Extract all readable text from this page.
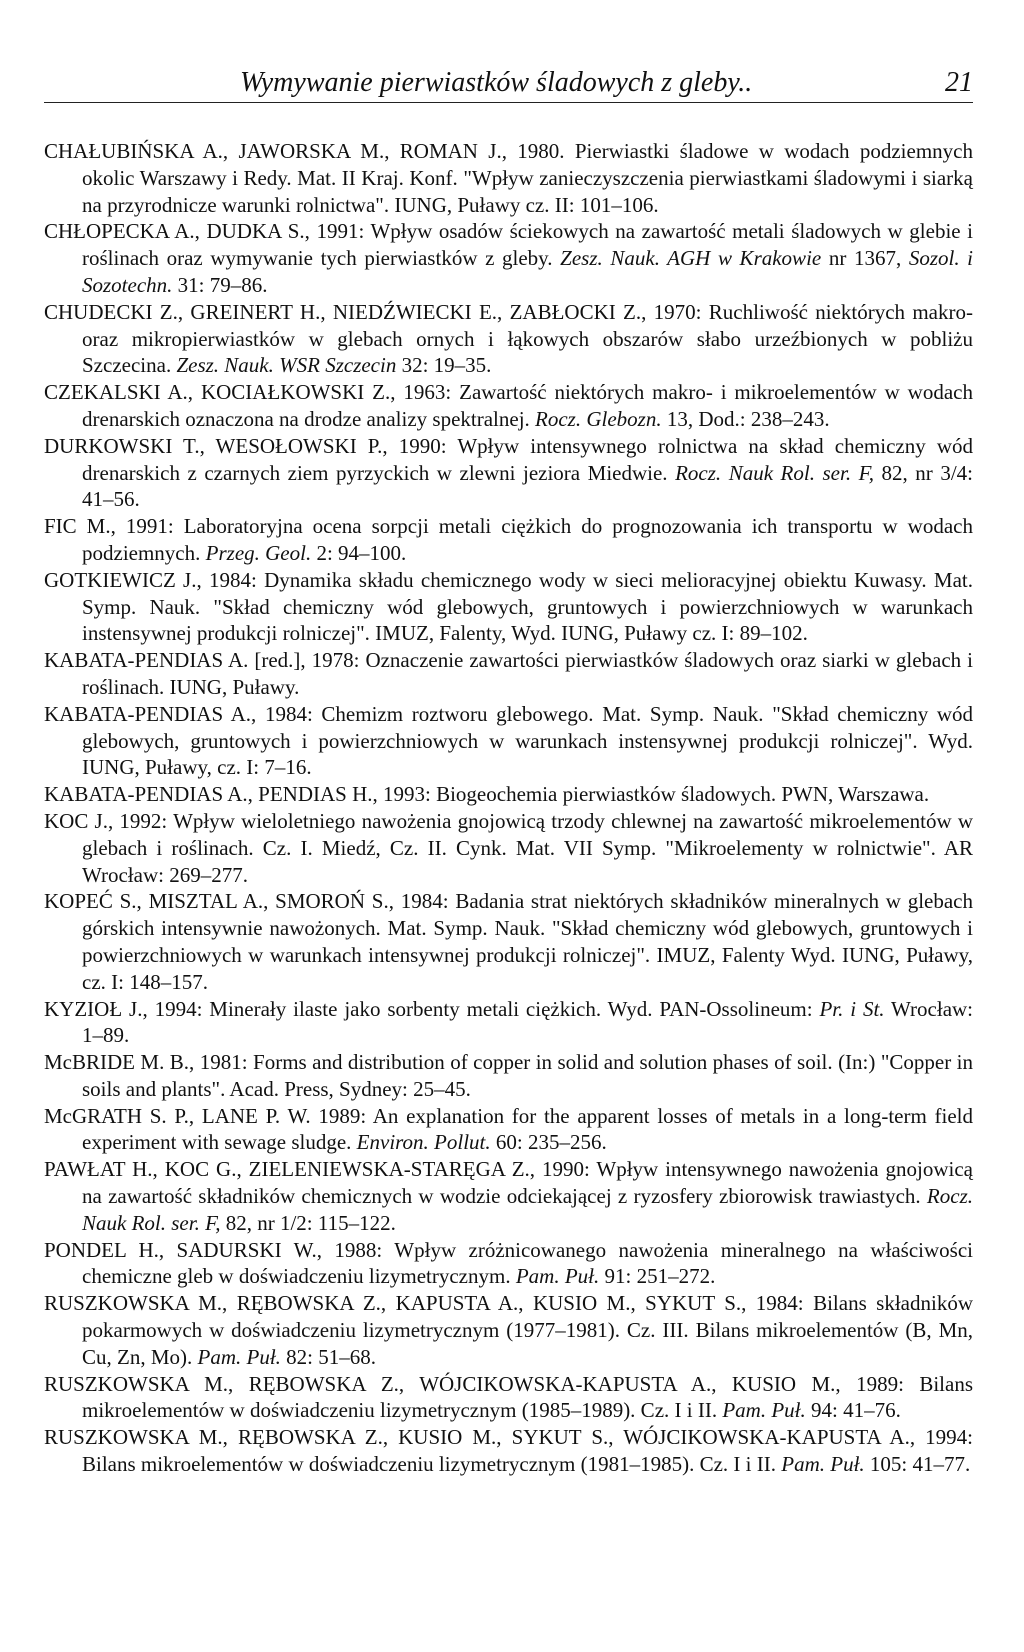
Wymywanie pierwiastków śladowych z gleby..	21

CHAŁUBIŃSKA A., JAWORSKA M., ROMAN J., 1980. Pierwiastki śladowe w wodach podziemnych okolic Warszawy i Redy. Mat. II Kraj. Konf. "Wpływ zanieczyszczenia pierwiastkami śladowymi i siarką na przyrodnicze warunki rolnictwa". IUNG, Puławy cz. II: 101–106.

CHŁOPECKA A., DUDKA S., 1991: Wpływ osadów ściekowych na zawartość metali śladowych w glebie i roślinach oraz wymywanie tych pierwiastków z gleby. Zesz. Nauk. AGH w Krakowie nr 1367, Sozol. i Sozotechn. 31: 79–86.

CHUDECKI Z., GREINERT H., NIEDŹWIECKI E., ZABŁOCKI Z., 1970: Ruchliwość niektórych makro- oraz mikropierwiastków w glebach ornych i łąkowych obszarów słabo urzeźbionych w pobliżu Szczecina. Zesz. Nauk. WSR Szczecin 32: 19–35.

CZEKALSKI A., KOCIAŁKOWSKI Z., 1963: Zawartość niektórych makro- i mikroelementów w wodach drenarskich oznaczona na drodze analizy spektralnej. Rocz. Glebozn. 13, Dod.: 238–243.

DURKOWSKI T., WESOŁOWSKI P., 1990: Wpływ intensywnego rolnictwa na skład chemiczny wód drenarskich z czarnych ziem pyrzyckich w zlewni jeziora Miedwie. Rocz. Nauk Rol. ser. F, 82, nr 3/4: 41–56.

FIC M., 1991: Laboratoryjna ocena sorpcji metali ciężkich do prognozowania ich transportu w wodach podziemnych. Przeg. Geol. 2: 94–100.

GOTKIEWICZ J., 1984: Dynamika składu chemicznego wody w sieci melioracyjnej obiektu Kuwasy. Mat. Symp. Nauk. "Skład chemiczny wód glebowych, gruntowych i powierzchniowych w warunkach instensywnej produkcji rolniczej". IMUZ, Falenty, Wyd. IUNG, Puławy cz. I: 89–102.

KABATA-PENDIAS A. [red.], 1978: Oznaczenie zawartości pierwiastków śladowych oraz siarki w glebach i roślinach. IUNG, Puławy.

KABATA-PENDIAS A., 1984: Chemizm roztworu glebowego. Mat. Symp. Nauk. "Skład chemiczny wód glebowych, gruntowych i powierzchniowych w warunkach instensywnej produkcji rolniczej". Wyd. IUNG, Puławy, cz. I: 7–16.

KABATA-PENDIAS A., PENDIAS H., 1993: Biogeochemia pierwiastków śladowych. PWN, Warszawa.

KOC J., 1992: Wpływ wieloletniego nawożenia gnojowicą trzody chlewnej na zawartość mikroelementów w glebach i roślinach. Cz. I. Miedź, Cz. II. Cynk. Mat. VII Symp. "Mikroelementy w rolnictwie". AR Wrocław: 269–277.

KOPEĆ S., MISZTAL A., SMOROŃ S., 1984: Badania strat niektórych składników mineralnych w glebach górskich intensywnie nawożonych. Mat. Symp. Nauk. "Skład chemiczny wód glebowych, gruntowych i powierzchniowych w warunkach intensywnej produkcji rolniczej". IMUZ, Falenty Wyd. IUNG, Puławy, cz. I: 148–157.

KYZIOŁ J., 1994: Minerały ilaste jako sorbenty metali ciężkich. Wyd. PAN-Ossolineum: Pr. i St. Wrocław: 1–89.

McBRIDE M. B., 1981: Forms and distribution of copper in solid and solution phases of soil. (In:) "Copper in soils and plants". Acad. Press, Sydney: 25–45.

McGRATH S. P., LANE P. W. 1989: An explanation for the apparent losses of metals in a long-term field experiment with sewage sludge. Environ. Pollut. 60: 235–256.

PAWŁAT H., KOC G., ZIELENIEWSKA-STARĘGA Z., 1990: Wpływ intensywnego nawożenia gnojowicą na zawartość składników chemicznych w wodzie odciekającej z ryzosfery zbiorowisk trawiastych. Rocz. Nauk Rol. ser. F, 82, nr 1/2: 115–122.

PONDEL H., SADURSKI W., 1988: Wpływ zróżnicowanego nawożenia mineralnego na właściwości chemiczne gleb w doświadczeniu lizymetrycznym. Pam. Puł. 91: 251–272.

RUSZKOWSKA M., RĘBOWSKA Z., KAPUSTA A., KUSIO M., SYKUT S., 1984: Bilans składników pokarmowych w doświadczeniu lizymetrycznym (1977–1981). Cz. III. Bilans mikroelementów (B, Mn, Cu, Zn, Mo). Pam. Puł. 82: 51–68.

RUSZKOWSKA M., RĘBOWSKA Z., WÓJCIKOWSKA-KAPUSTA A., KUSIO M., 1989: Bilans mikroelementów w doświadczeniu lizymetrycznym (1985–1989). Cz. I i II. Pam. Puł. 94: 41–76.

RUSZKOWSKA M., RĘBOWSKA Z., KUSIO M., SYKUT S., WÓJCIKOWSKA-KAPUSTA A., 1994: Bilans mikroelementów w doświadczeniu lizymetrycznym (1981–1985). Cz. I i II. Pam. Puł. 105: 41–77.
